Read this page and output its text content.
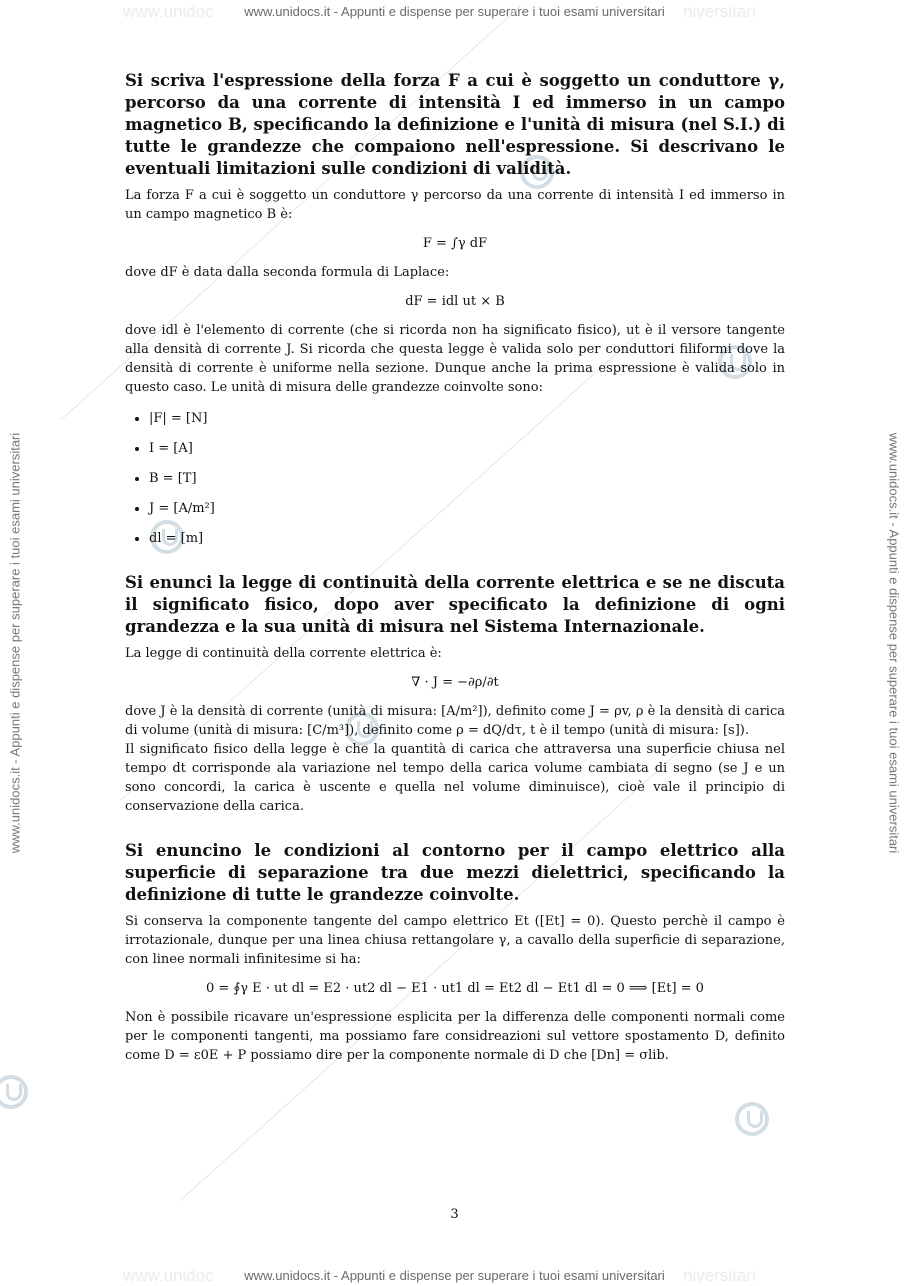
www.unidoc	niversitari
www.unidoc	niversitari
www.unidocs.it - Appunti e dispense per superare i tuoi esami universitari
www.unidocs.it - Appunti e dispense per superare i tuoi esami universitari
www.unidocs.it - Appunti e dispense per superare i tuoi esami universitari	www.unidocs.it - Appunti e dispense per superare i tuoi esami universitari
Si scriva l'espressione della forza F a cui è soggetto un conduttore γ, percorso da una corrente di intensità I ed immerso in un campo magnetico B, specificando la definizione e l'unità di misura (nel S.I.) di tutte le grandezze che compaiono nell'espressione. Si descrivano le eventuali limitazioni sulle condizioni di validità.

La forza F a cui è soggetto un conduttore γ percorso da una corrente di intensità I ed immerso in un campo magnetico B è:

F = ∫γ dF

dove dF è data dalla seconda formula di Laplace:

dF = idl ut × B

dove idl è l'elemento di corrente (che si ricorda non ha significato fisico), ut è il versore tangente alla densità di corrente J. Si ricorda che questa legge è valida solo per conduttori filiformi dove la densità di corrente è uniforme nella sezione. Dunque anche la prima espressione è valida solo in questo caso. Le unità di misura delle grandezze coinvolte sono:

• |F| = [N]
• I = [A]
• B = [T]
• J = [A/m²]
• dl = [m]
Si enunci la legge di continuità della corrente elettrica e se ne discuta il significato fisico, dopo aver specificato la definizione di ogni grandezza e la sua unità di misura nel Sistema Internazionale.

La legge di continuità della corrente elettrica è:

∇ · J = −∂ρ/∂t

dove J è la densità di corrente (unità di misura: [A/m²]), definito come J = ρv, ρ è la densità di carica di volume (unità di misura: [C/m³]), definito come ρ = dQ/dτ, t è il tempo (unità di misura: [s]).

Il significato fisico della legge è che la quantità di carica che attraversa una superficie chiusa nel tempo dt corrisponde ala variazione nel tempo della carica volume cambiata di segno (se J e un sono concordi, la carica è uscente e quella nel volume diminuisce), cioè vale il principio di conservazione della carica.

Si enuncino le condizioni al contorno per il campo elettrico alla superficie di separazione tra due mezzi dielettrici, specificando la definizione di tutte le grandezze coinvolte.

Si conserva la componente tangente del campo elettrico Et ([Et] = 0). Questo perchè il campo è irrotazionale, dunque per una linea chiusa rettangolare γ, a cavallo della superficie di separazione, con linee normali infinitesime si ha:

0 = ∮γ E · ut dl = E2 · ut2 dl − E1 · ut1 dl = Et2 dl − Et1 dl = 0 ⟹ [Et] = 0

Non è possibile ricavare un'espressione esplicita per la differenza delle componenti normali come per le componenti tangenti, ma possiamo fare considreazioni sul vettore spostamento D, definito come D = ε0E + P possiamo dire per la componente normale di D che [Dn] = σlib.

3
